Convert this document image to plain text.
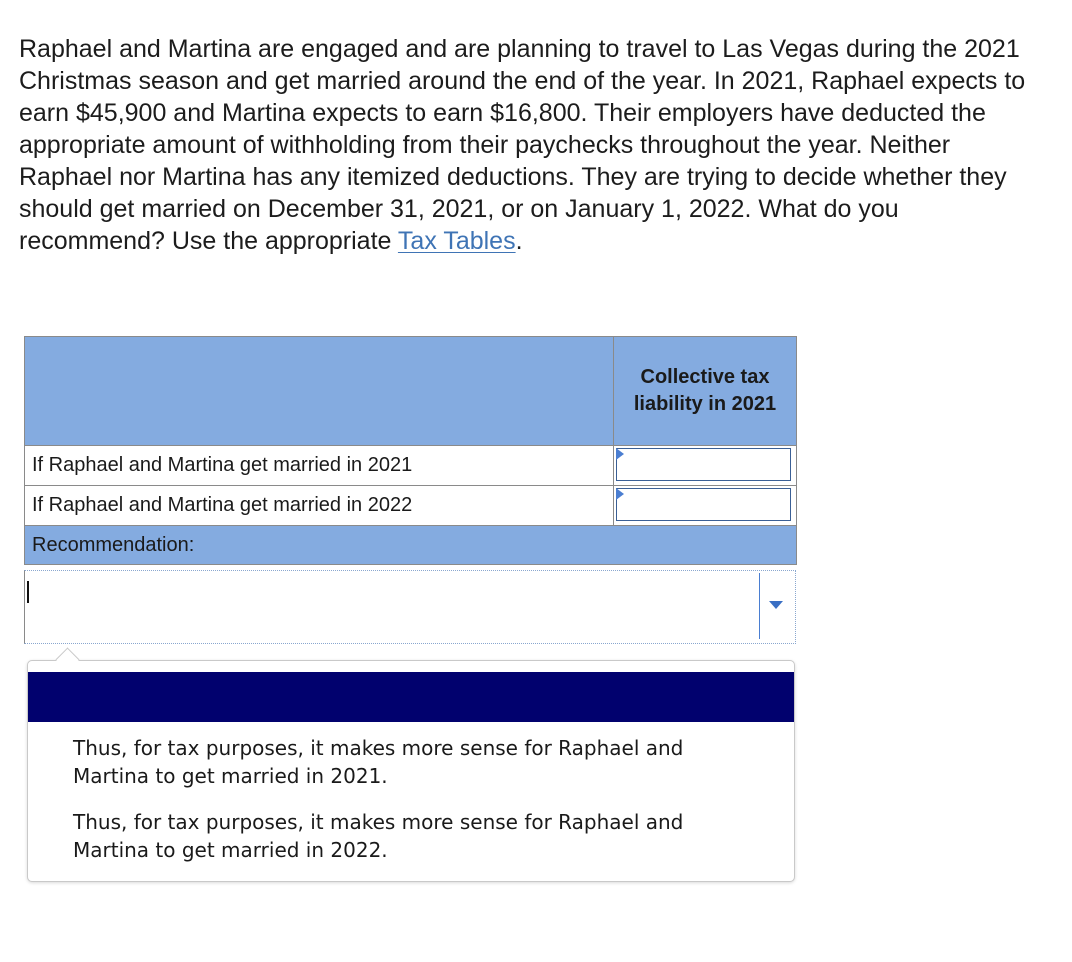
Raphael and Martina are engaged and are planning to travel to Las Vegas during the 2021 Christmas season and get married around the end of the year. In 2021, Raphael expects to earn $45,900 and Martina expects to earn $16,800. Their employers have deducted the appropriate amount of withholding from their paychecks throughout the year. Neither Raphael nor Martina has any itemized deductions. They are trying to decide whether they should get married on December 31, 2021, or on January 1, 2022. What do you recommend? Use the appropriate Tax Tables.

	Collective tax liability in 2021
If Raphael and Martina get married in 2021	

If Raphael and Martina get married in 2022	

Recommendation:	
Thus, for tax purposes, it makes more sense for Raphael and Martina to get married in 2021.
Thus, for tax purposes, it makes more sense for Raphael and Martina to get married in 2022.
